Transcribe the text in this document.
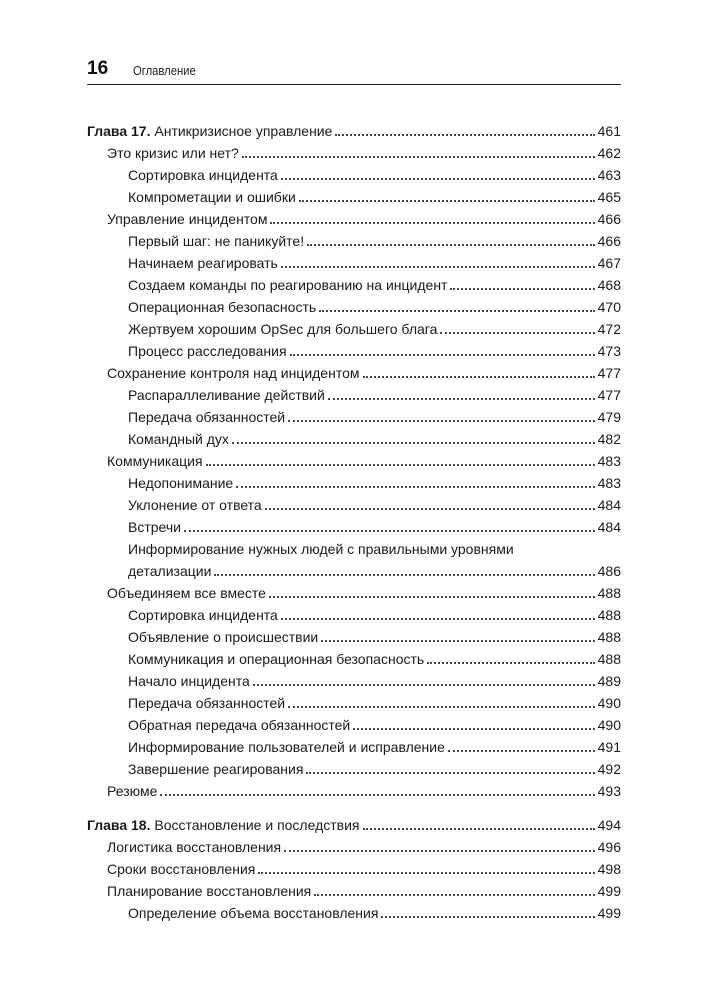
16 Оглавление
Глава 17. Антикризисное управление	461
Это кризис или нет?	462
Сортировка инцидента	463
Компрометации и ошибки	465
Управление инцидентом	466
Первый шаг: не паникуйте!	466
Начинаем реагировать	467
Создаем команды по реагированию на инцидент	468
Операционная безопасность	470
Жертвуем хорошим OpSec для большего блага	472
Процесс расследования	473
Сохранение контроля над инцидентом	477
Распараллеливание действий	477
Передача обязанностей	479
Командный дух	482
Коммуникация	483
Недопонимание	483
Уклонение от ответа	484
Встречи	484
Информирование нужных людей с правильными уровнями
детализации	486
Объединяем все вместе	488
Сортировка инцидента	488
Объявление о происшествии	488
Коммуникация и операционная безопасность	488
Начало инцидента	489
Передача обязанностей	490
Обратная передача обязанностей	490
Информирование пользователей и исправление	491
Завершение реагирования	492
Резюме	493
Глава 18. Восстановление и последствия	494
Логистика восстановления	496
Сроки восстановления	498
Планирование восстановления	499
Определение объема восстановления	499
